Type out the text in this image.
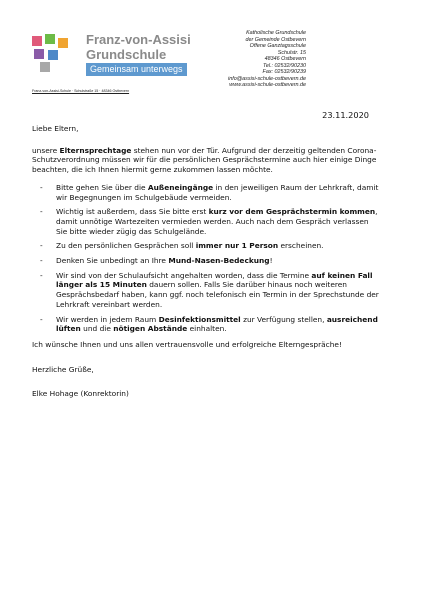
Franz-von-Assisi
Grundschule
Gemeinsam unterwegs
Franz-von-Assisi-Schule · Schulstraße 15 · 48346 Ostbevern
Katholische Grundschule
der Gemeinde Ostbevern
Offene Ganztagsschule
Schulstr. 15
48346 Ostbevern
Tel.: 02532/90230
Fax: 02532/90239
info@assisi-schule-ostbevern.de
www.assisi-schule-ostbevern.de
23.11.2020

Liebe Eltern,

unsere Elternsprechtage stehen nun vor der Tür. Aufgrund der derzeitig geltenden Corona-Schutzverordnung müssen wir für die persönlichen Gesprächstermine auch hier einige Dinge beachten, die ich Ihnen hiermit gerne zukommen lassen möchte.

- Bitte gehen Sie über die Außeneingänge in den jeweiligen Raum der Lehrkraft, damit wir Begegnungen im Schulgebäude vermeiden.
- Wichtig ist außerdem, dass Sie bitte erst kurz vor dem Gesprächstermin kommen, damit unnötige Wartezeiten vermieden werden. Auch nach dem Gespräch verlassen Sie bitte wieder zügig das Schulgelände.
- Zu den persönlichen Gesprächen soll immer nur 1 Person erscheinen.
- Denken Sie unbedingt an Ihre Mund-Nasen-Bedeckung!
- Wir sind von der Schulaufsicht angehalten worden, dass die Termine auf keinen Fall länger als 15 Minuten dauern sollen. Falls Sie darüber hinaus noch weiteren Gesprächsbedarf haben, kann ggf. noch telefonisch ein Termin in der Sprechstunde der Lehrkraft vereinbart werden.
- Wir werden in jedem Raum Desinfektionsmittel zur Verfügung stellen, ausreichend lüften und die nötigen Abstände einhalten.

Ich wünsche Ihnen und uns allen vertrauensvolle und erfolgreiche Elterngespräche!

Herzliche Grüße,

Elke Hohage (Konrektorin)
